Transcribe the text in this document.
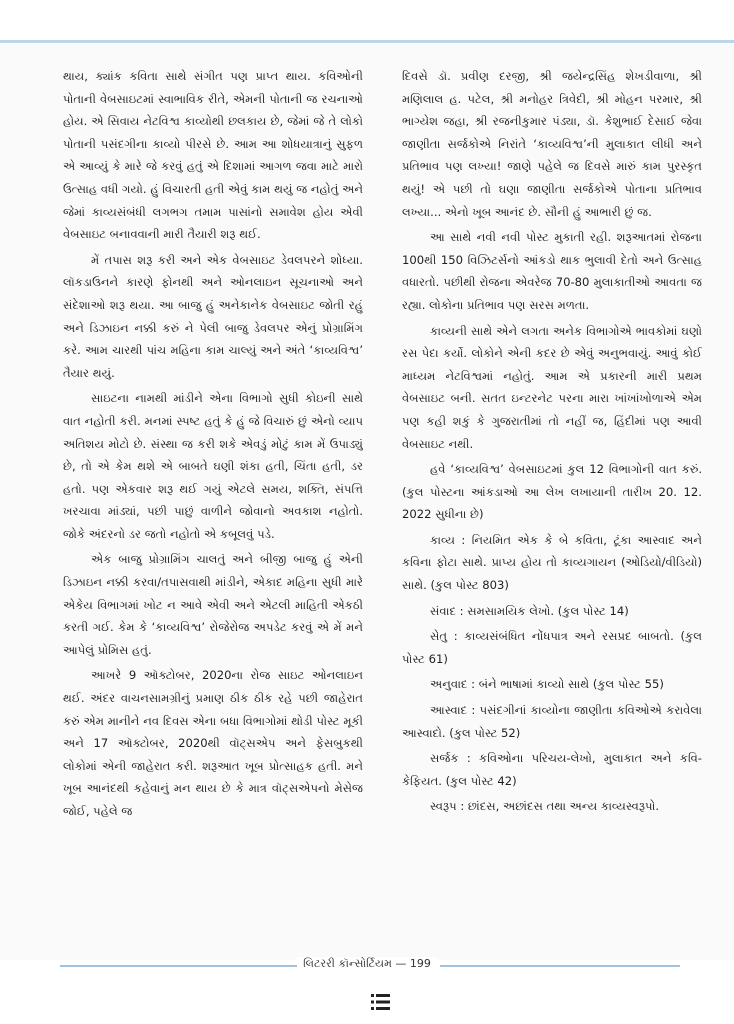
થાય, ક્યાંક કવિતા સાથે સંગીત પણ પ્રાપ્ત થાય. કવિઓની પોતાની વેબસાઇટમાં સ્વાભાવિક રીતે, એમની પોતાની જ રચનાઓ હોય. એ સિવાય નેટવિશ્વ કાવ્યોથી છલકાય છે, જેમાં જે તે લોકો પોતાની પસંદગીના કાવ્યો પીરસે છે. આમ આ શોધયાત્રાનું સુફળ એ આવ્યું કે મારે જે કરવું હતું એ દિશામાં આગળ જવા માટે મારો ઉત્સાહ વધી ગયો. હું વિચારતી હતી એવું કામ થયું જ નહોતું અને જેમાં કાવ્યસંબંધી લગભગ તમામ પાસાંનો સમાવેશ હોય એવી વેબસાઇટ બનાવવાની મારી તૈયારી શરૂ થઈ.

મેં તપાસ શરૂ કરી અને એક વેબસાઇટ ડેવલપરને શોધ્યા. લૉકડાઉનને કારણે ફોનથી અને ઓનલાઇન સૂચનાઓ અને સંદેશાઓ શરૂ થયા. આ બાજુ હું અનેકાનેક વેબસાઇટ જોતી રહું અને ડિઝાઇન નક્કી કરું ને પેલી બાજુ ડેવલપર એનું પ્રોગ્રામિંગ કરે. આમ ચારથી પાંચ મહિના કામ ચાલ્યું અને અંતે ‘કાવ્યવિશ્વ’ તૈયાર થયું.

સાઇટના નામથી માંડીને એના વિભાગો સુધી કોઇની સાથે વાત નહોતી કરી. મનમાં સ્પષ્ટ હતું કે હું જે વિચારું છું એનો વ્યાપ અતિશય મોટો છે. સંસ્થા જ કરી શકે એવડું મોટું કામ મેં ઉપાડ્યું છે, તો એ કેમ થશે એ બાબતે ઘણી શંકા હતી, ચિંતા હતી, ડર હતો. પણ એકવાર શરૂ થઈ ગયું એટલે સમય, શક્તિ, સંપત્તિ ખરચાવા માંડ્યાં, પછી પાછું વાળીને જોવાનો અવકાશ નહોતો. જોકે અંદરનો ડર જતો નહોતો એ કબૂલવું પડે.

એક બાજુ પ્રોગ્રામિંગ ચાલતું અને બીજી બાજુ હું એની ડિઝાઇન નક્કી કરવા/તપાસવાથી માંડીને, એકાદ મહિના સુધી મારે એકેય વિભાગમાં ખોટ ન આવે એવી અને એટલી માહિતી એકઠી કરતી ગઈ. કેમ કે ‘કાવ્યવિશ્વ’ રોજેરોજ અપડેટ કરવું એ મેં મને આપેલું પ્રોમિસ હતું.

આખરે 9 ઑક્ટોબર, 2020ના રોજ સાઇટ ઓનલાઇન થઈ. અંદર વાચનસામગ્રીનું પ્રમાણ ઠીક ઠીક રહે પછી જાહેરાત કરું એમ માનીને નવ દિવસ એના બધા વિભાગોમાં થોડી પોસ્ટ મૂકી અને 17 ઑક્ટોબર, 2020થી વૉટ્સએપ અને ફેસબુકથી લોકોમાં એની જાહેરાત કરી. શરૂઆત ખૂબ પ્રોત્સાહક હતી. મને ખૂબ આનંદથી કહેવાનું મન થાય છે કે માત્ર વૉટ્સએપનો મેસેજ જોઈ, પહેલે જ

દિવસે ડૉ. પ્રવીણ દરજી, શ્રી જયેન્દ્રસિંહ શેખડીવાળા, શ્રી મણિલાલ હ. પટેલ, શ્રી મનોહર ત્રિવેદી, શ્રી મોહન પરમાર, શ્રી ભાગ્યેશ જહા, શ્રી રજનીકુમાર પંડ્યા, ડૉ. કેશુભાઈ દેસાઈ જેવા જાણીતા સર્જકોએ નિરાંતે ‘કાવ્યવિશ્વ’ની મુલાકાત લીધી અને પ્રતિભાવ પણ લખ્યા! જાણે પહેલે જ દિવસે મારું કામ પુરસ્કૃત થયું! એ પછી તો ઘણા જાણીતા સર્જકોએ પોતાના પ્રતિભાવ લખ્યા... એનો ખૂબ આનંદ છે. સૌની હું આભારી છું જ.

આ સાથે નવી નવી પોસ્ટ મુકાતી રહી. શરૂઆતમાં રોજના 100થી 150 વિઝિટર્સનો આંકડો થાક ભુલાવી દેતો અને ઉત્સાહ વધારતો. પછીથી રોજના એવરેજ 70-80 મુલાકાતીઓ આવતા જ રહ્યા. લોકોના પ્રતિભાવ પણ સરસ મળતા.

કાવ્યની સાથે એને લગતા અનેક વિભાગોએ ભાવકોમાં ઘણો રસ પેદા કર્યો. લોકોને એની કદર છે એવું અનુભવાયું. આવું કોઈ માધ્યમ નેટવિશ્વમાં નહોતું. આમ એ પ્રકારની મારી પ્રથમ વેબસાઇટ બની. સતત ઇન્ટરનેટ પરના મારા ખાંખાંખોળાએ એમ પણ કહી શકું કે ગુજરાતીમાં તો નહીં જ, હિંદીમાં પણ આવી વેબસાઇટ નથી.

હવે ‘કાવ્યવિશ્વ’ વેબસાઇટમાં કુલ 12 વિભાગોની વાત કરું. (કુલ પોસ્ટના આંકડાઓ આ લેખ લખાયાની તારીખ 20. 12. 2022 સુધીના છે)

કાવ્ય : નિયમિત એક કે બે કવિતા, ટૂંકા આસ્વાદ અને કવિના ફોટા સાથે. પ્રાપ્ય હોય તો કાવ્યગાયન (ઓડિયો/વીડિયો) સાથે. (કુલ પોસ્ટ 803)

સંવાદ : સમસામયિક લેખો. (કુલ પોસ્ટ 14)

સેતુ : કાવ્યસંબંધિત નોંધપાત્ર અને રસપ્રદ બાબતો. (કુલ પોસ્ટ 61)

અનુવાદ : બંને ભાષામાં કાવ્યો સાથે (કુલ પોસ્ટ 55)

આસ્વાદ : પસંદગીનાં કાવ્યોના જાણીતા કવિઓએ કરાવેલા આસ્વાદો. (કુલ પોસ્ટ 52)

સર્જક : કવિઓના પરિચય-લેખો, મુલાકાત અને કવિ-કેફિયત. (કુલ પોસ્ટ 42)

સ્વરૂપ : છાંદસ, અછાંદસ તથા અન્ય કાવ્યસ્વરૂપો.

લિટરરી કૉન્સોર્ટિયમ — 199
